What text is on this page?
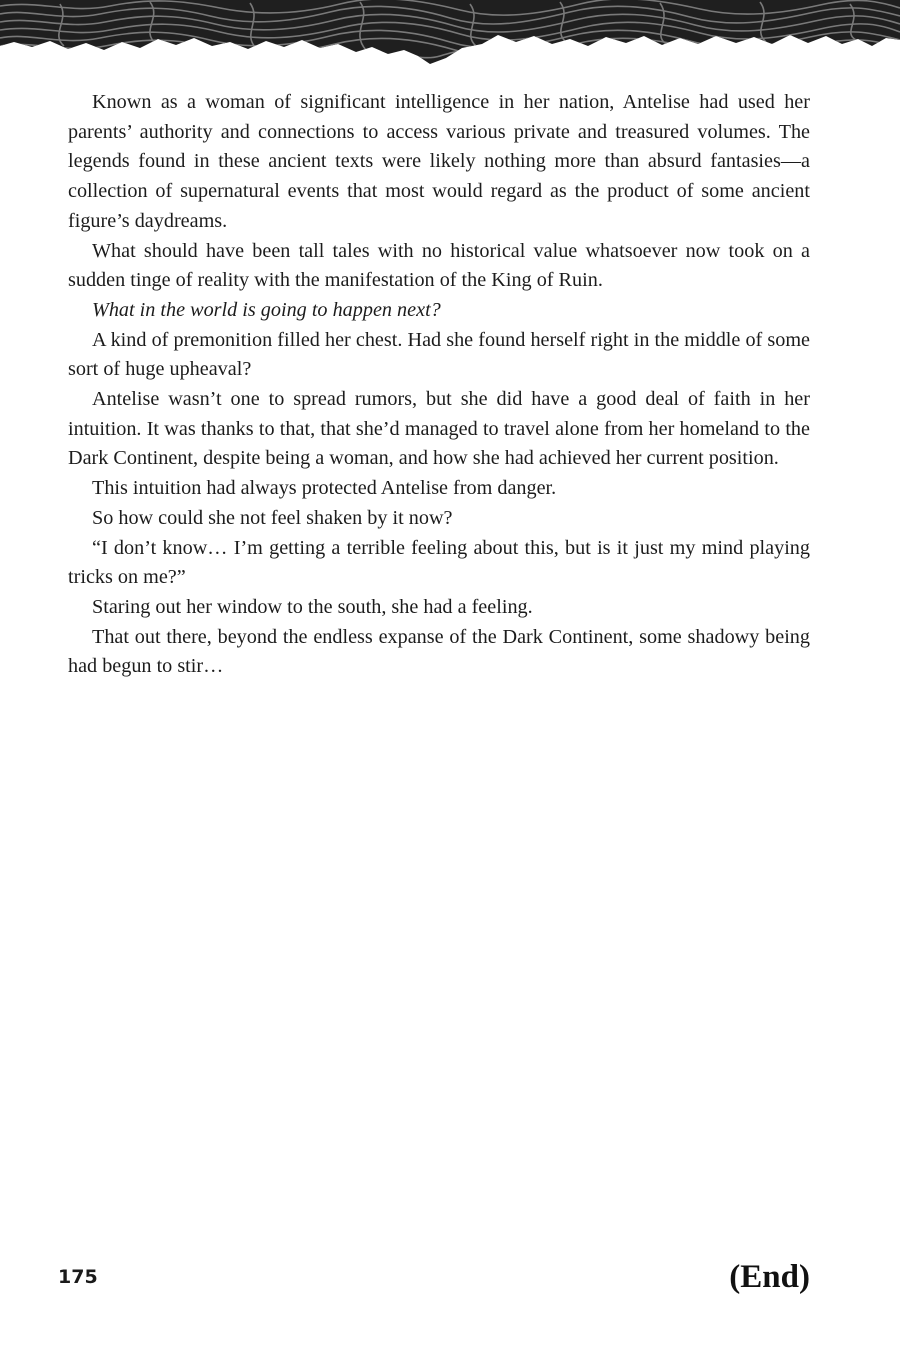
Known as a woman of significant intelligence in her nation, Antelise had used her parents’ authority and connections to access various private and treasured volumes. The legends found in these ancient texts were likely nothing more than absurd fantasies—a collection of supernatural events that most would regard as the product of some ancient figure’s daydreams.

What should have been tall tales with no historical value whatsoever now took on a sudden tinge of reality with the manifestation of the King of Ruin.

What in the world is going to happen next?

A kind of premonition filled her chest. Had she found herself right in the middle of some sort of huge upheaval?

Antelise wasn’t one to spread rumors, but she did have a good deal of faith in her intuition. It was thanks to that, that she’d managed to travel alone from her homeland to the Dark Continent, despite being a woman, and how she had achieved her current position.

This intuition had always protected Antelise from danger.

So how could she not feel shaken by it now?

“I don’t know… I’m getting a terrible feeling about this, but is it just my mind playing tricks on me?”

Staring out her window to the south, she had a feeling.

That out there, beyond the endless expanse of the Dark Continent, some shadowy being had begun to stir…

175	(End)
